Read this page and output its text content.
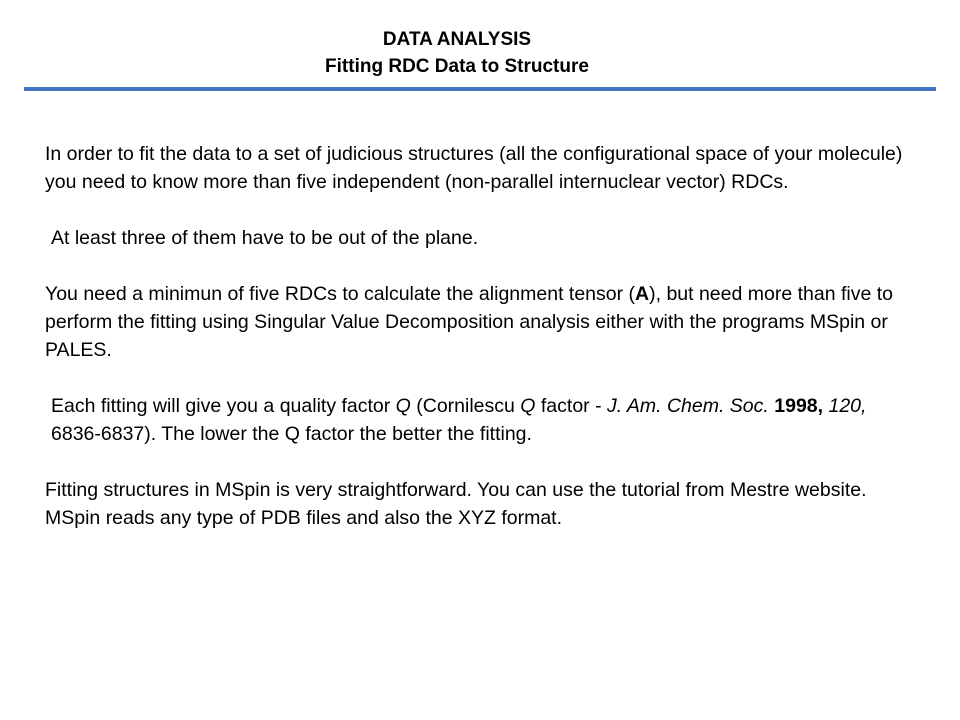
DATA ANALYSIS
Fitting RDC Data to Structure

In order to fit the data to a set of judicious structures (all the configurational space of your molecule) you need to know more than five independent (non-parallel internuclear vector) RDCs.

At least three of them have to be out of the plane.

You need a minimun of five RDCs to calculate the alignment tensor (A), but need more than five to perform the fitting using Singular Value Decomposition analysis either with the programs MSpin or PALES.

Each fitting will give you a quality factor Q (Cornilescu Q factor - J. Am. Chem. Soc. 1998, 120, 6836-6837). The lower the Q factor the better the fitting.

Fitting structures in MSpin is very straightforward. You can use the tutorial from Mestre website. MSpin reads any type of PDB files and also the XYZ format.
